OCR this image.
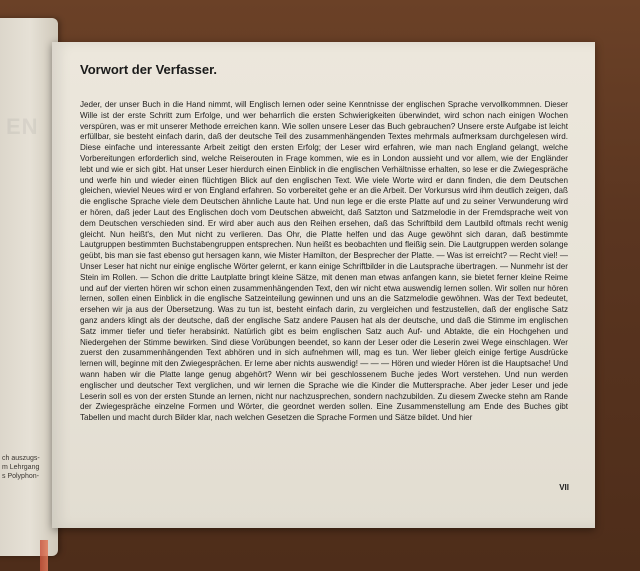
EN
ch auszugs-
m Lehrgang
s Polyphon-
Vorwort der Verfasser.

Jeder, der unser Buch in die Hand nimmt, will Englisch lernen oder seine Kenntnisse der englischen Sprache vervollkommnen. Dieser Wille ist der erste Schritt zum Erfolge, und wer beharrlich die ersten Schwierigkeiten überwindet, wird schon nach einigen Wochen verspüren, was er mit unserer Methode erreichen kann. Wie sollen unsere Leser das Buch gebrauchen? Unsere erste Aufgabe ist leicht erfüllbar, sie besteht einfach darin, daß der deutsche Teil des zusammenhängenden Textes mehrmals aufmerksam durchgelesen wird. Diese einfache und interessante Arbeit zeitigt den ersten Erfolg; der Leser wird erfahren, wie man nach England gelangt, welche Vorbereitungen erforderlich sind, welche Reiserouten in Frage kommen, wie es in London aussieht und vor allem, wie der Engländer lebt und wie er sich gibt. Hat unser Leser hierdurch einen Einblick in die englischen Verhältnisse erhalten, so lese er die Zwiegespräche und werfe hin und wieder einen flüchtigen Blick auf den englischen Text. Wie viele Worte wird er dann finden, die dem Deutschen gleichen, wieviel Neues wird er von England erfahren. So vorbereitet gehe er an die Arbeit. Der Vorkursus wird ihm deutlich zeigen, daß die englische Sprache viele dem Deutschen ähnliche Laute hat. Und nun lege er die erste Platte auf und zu seiner Verwunderung wird er hören, daß jeder Laut des Englischen doch vom Deutschen abweicht, daß Satzton und Satzmelodie in der Fremdsprache weit von dem Deutschen verschieden sind. Er wird aber auch aus den Reihen ersehen, daß das Schriftbild dem Lautbild oftmals recht wenig gleicht. Nun heißt's, den Mut nicht zu verlieren. Das Ohr, die Platte helfen und das Auge gewöhnt sich daran, daß bestimmte Lautgruppen bestimmten Buchstabengruppen entsprechen. Nun heißt es beobachten und fleißig sein. Die Lautgruppen werden solange geübt, bis man sie fast ebenso gut hersagen kann, wie Mister Hamilton, der Besprecher der Platte. — Was ist erreicht? — Recht viel! — Unser Leser hat nicht nur einige englische Wörter gelernt, er kann einige Schriftbilder in die Lautsprache übertragen. — Nunmehr ist der Stein im Rollen. — Schon die dritte Lautplatte bringt kleine Sätze, mit denen man etwas anfangen kann, sie bietet ferner kleine Reime und auf der vierten hören wir schon einen zusammenhängenden Text, den wir nicht etwa auswendig lernen sollen. Wir sollen nur hören lernen, sollen einen Einblick in die englische Satzeinteilung gewinnen und uns an die Satzmelodie gewöhnen. Was der Text bedeutet, ersehen wir ja aus der Übersetzung. Was zu tun ist, besteht einfach darin, zu vergleichen und festzustellen, daß der englische Satz ganz anders klingt als der deutsche, daß der englische Satz andere Pausen hat als der deutsche, und daß die Stimme im englischen Satz immer tiefer und tiefer herabsinkt. Natürlich gibt es beim englischen Satz auch Auf- und Abtakte, die ein Hochgehen und Niedergehen der Stimme bewirken. Sind diese Vorübungen beendet, so kann der Leser oder die Leserin zwei Wege einschlagen. Wer zuerst den zusammenhängenden Text abhören und in sich aufnehmen will, mag es tun. Wer lieber gleich einige fertige Ausdrücke lernen will, beginne mit den Zwiegesprächen. Er lerne aber nichts auswendig! — — — Hören und wieder Hören ist die Hauptsache! Und wann haben wir die Platte lange genug abgehört? Wenn wir bei geschlossenem Buche jedes Wort verstehen. Und nun werden englischer und deutscher Text verglichen, und wir lernen die Sprache wie die Kinder die Muttersprache. Aber jeder Leser und jede Leserin soll es von der ersten Stunde an lernen, nicht nur nachzusprechen, sondern nachzubilden. Zu diesem Zwecke stehn am Rande der Zwiegespräche einzelne Formen und Wörter, die geordnet werden sollen. Eine Zusammenstellung am Ende des Buches gibt Tabellen und macht durch Bilder klar, nach welchen Gesetzen die Sprache Formen und Sätze bildet. Und hier

VII
